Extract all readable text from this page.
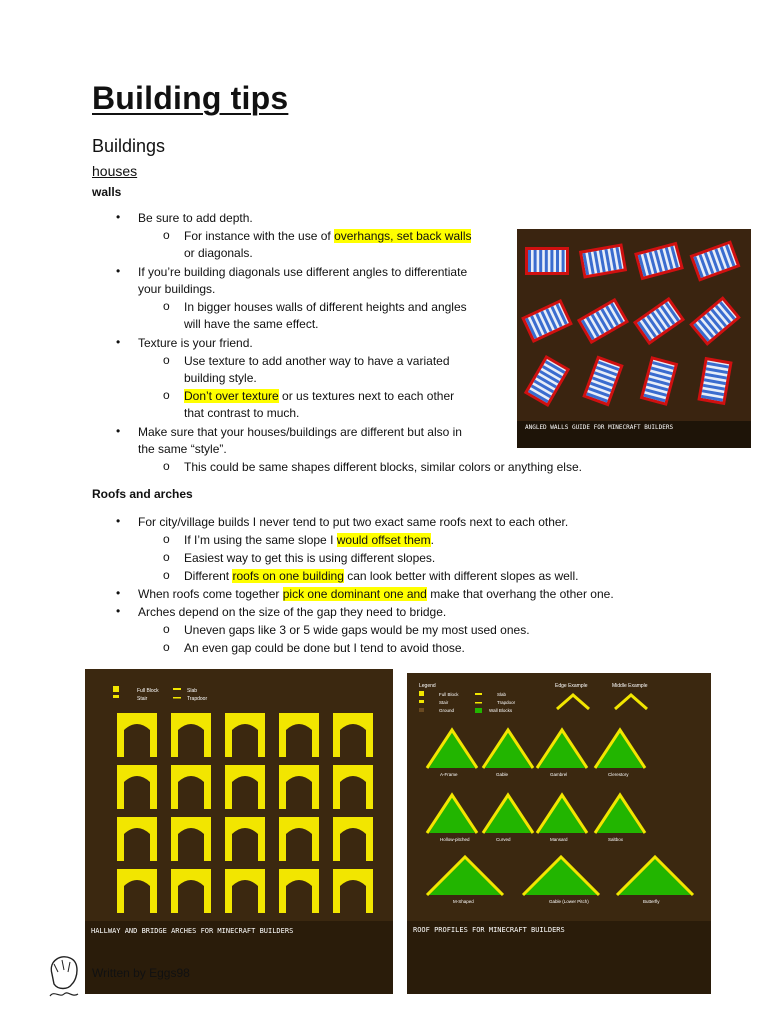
Building tips
Buildings
houses
walls
• Be sure to add depth.
o For instance with the use of overhangs, set back walls
or diagonals.
• If you’re building diagonals use different angles to differentiate
your buildings.
o In bigger houses walls of different heights and angles
will have the same effect.
• Texture is your friend.
o Use texture to add another way to have a variated
building style.
o Don’t over texture or us textures next to each other
that contrast to much.
• Make sure that your houses/buildings are different but also in
the same “style”.
o This could be same shapes different blocks, similar colors or anything else.
Roofs and arches
• For city/village builds I never tend to put two exact same roofs next to each other.
o If I’m using the same slope I would offset them.
o Easiest way to get this is using different slopes.
o Different roofs on one building can look better with different slopes as well.
• When roofs come together pick one dominant one and make that overhang the other one.
• Arches depend on the size of the gap they need to bridge.
o Uneven gaps like 3 or 5 wide gaps would be my most used ones.
o An even gap could be done but I tend to avoid those.
ANGLED WALLS GUIDE FOR MINECRAFT BUILDERS
Full Block	Slab
Stair	Trapdoor
HALLWAY AND BRIDGE ARCHES FOR MINECRAFT BUILDERS
Legend
Full Block	Slab
Stair	Trapdoor
Ground	Wall Blocks
Edge Example	Middle Example
A-Frame	Gable	Gambrel	Clerestory
Hollow-pitched	Curved	Mansard	Saltbox
M-Shaped	Gable (Lower Pitch)	Butterfly
ROOF PROFILES FOR MINECRAFT BUILDERS
Written by Eggs98
